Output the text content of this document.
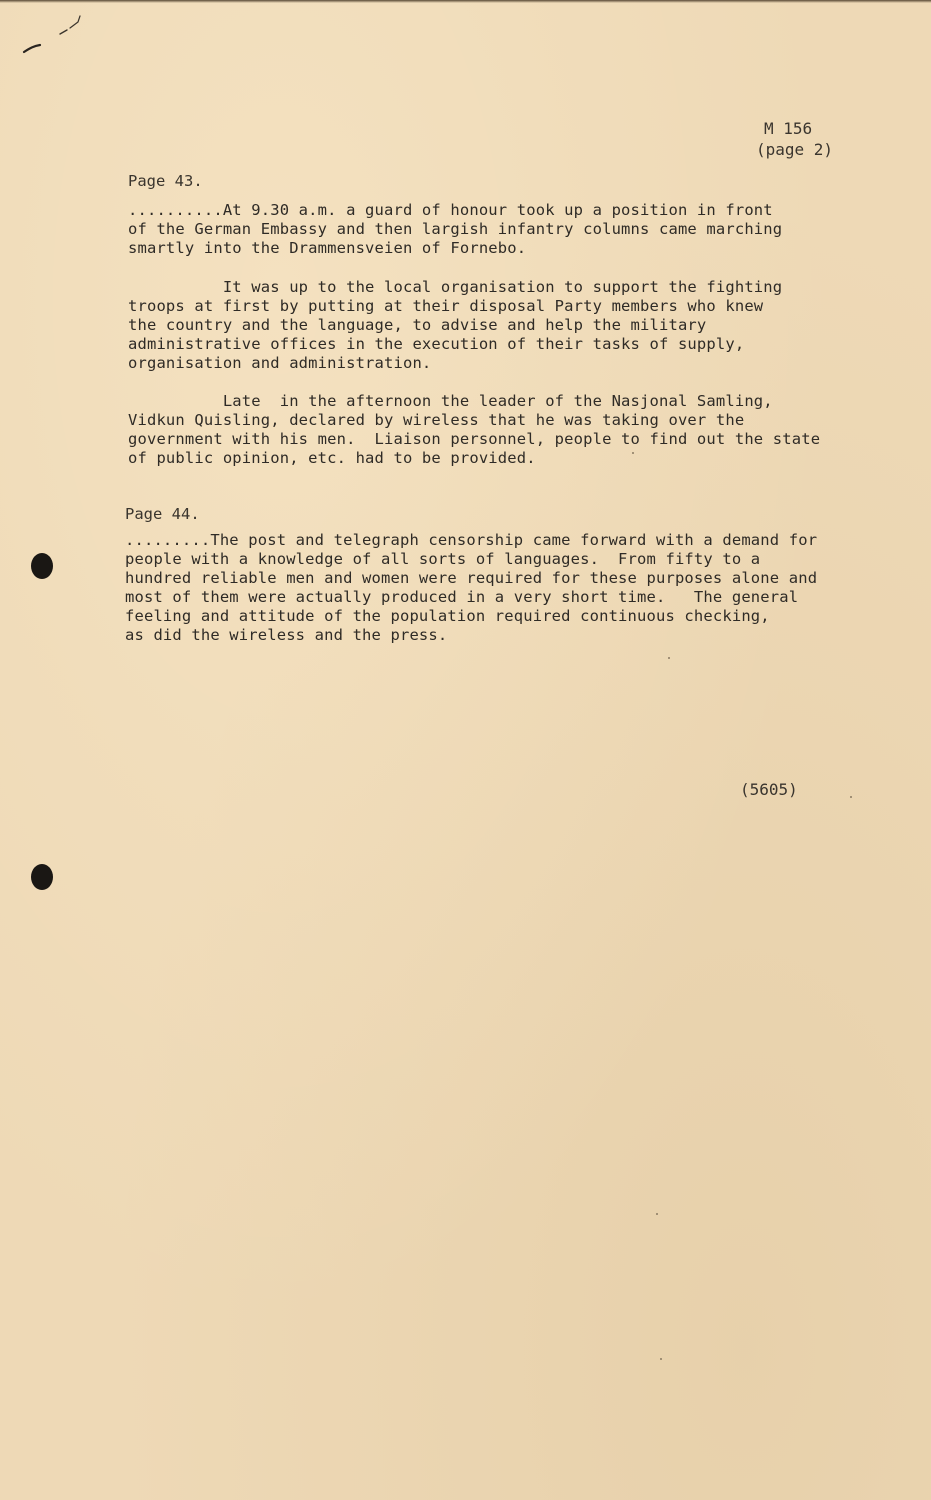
M 156
(page 2)
Page 43.
..........At 9.30 a.m. a guard of honour took up a position in front
of the German Embassy and then largish infantry columns came marching
smartly into the Drammensveien of Fornebo.
It was up to the local organisation to support the fighting
troops at first by putting at their disposal Party members who knew
the country and the language, to advise and help the military
administrative offices in the execution of their tasks of supply,
organisation and administration.
Late  in the afternoon the leader of the Nasjonal Samling,
Vidkun Quisling, declared by wireless that he was taking over the
government with his men.  Liaison personnel, people to find out the state
of public opinion, etc. had to be provided.
Page 44.
.........The post and telegraph censorship came forward with a demand for
people with a knowledge of all sorts of languages.  From fifty to a
hundred reliable men and women were required for these purposes alone and
most of them were actually produced in a very short time.   The general
feeling and attitude of the population required continuous checking,
as did the wireless and the press.
(5605)
